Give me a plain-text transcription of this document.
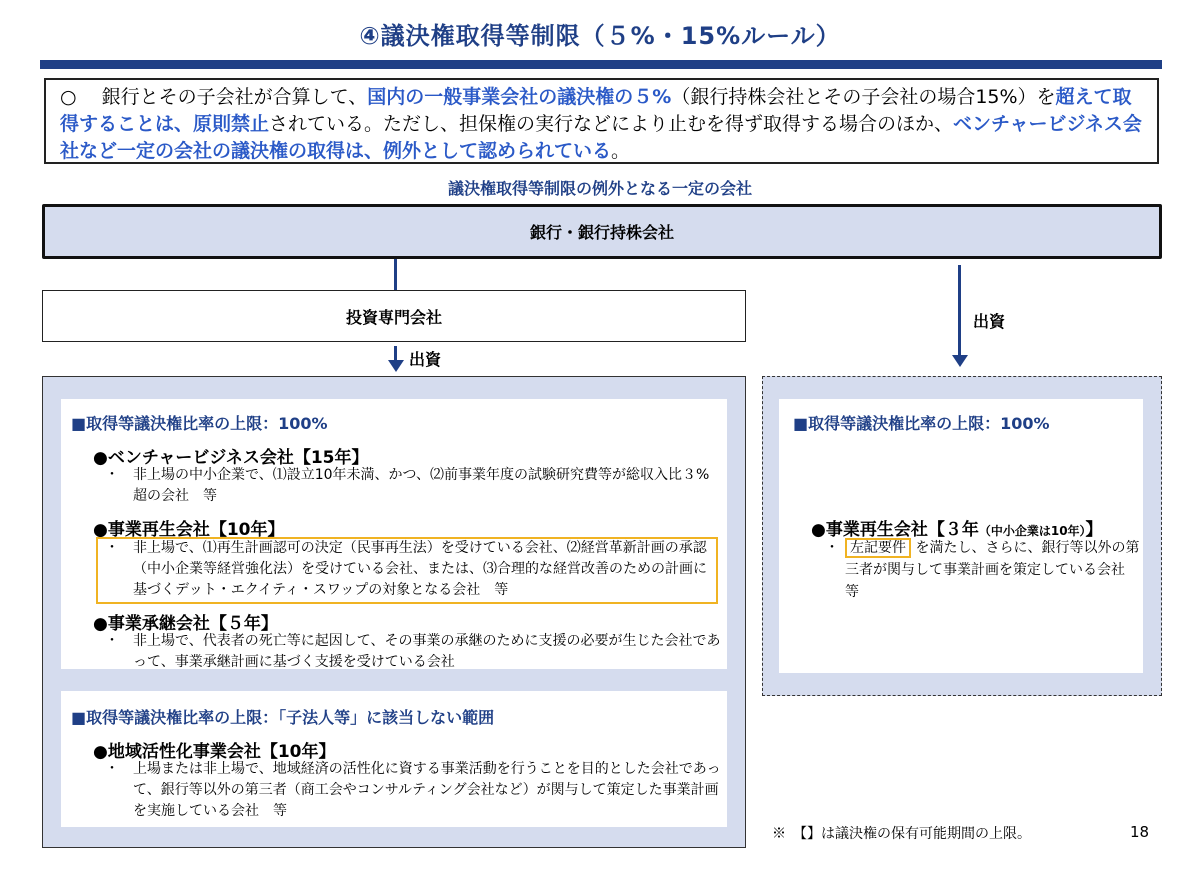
④議決権取得等制限（５%・15%ルール）
○　 銀行とその子会社が合算して、国内の一般事業会社の議決権の５%（銀行持株会社とその子会社の場合15%）を超えて取得することは、原則禁止されている。ただし、担保権の実行などにより止むを得ず取得する場合のほか、ベンチャービジネス会社など一定の会社の議決権の取得は、例外として認められている。
議決権取得等制限の例外となる一定の会社
銀行・銀行持株会社
投資専門会社	出資
出資
■取得等議決権比率の上限：100%
●ベンチャービジネス会社【15年】
・	非上場の中小企業で、⑴設立10年未満、かつ、⑵前事業年度の試験研究費等が総収入比３%超の会社　等
●事業再生会社【10年】
・	非上場で、⑴再生計画認可の決定（民事再生法）を受けている会社、⑵経営革新計画の承認（中小企業等経営強化法）を受けている会社、または、⑶合理的な経営改善のための計画に基づくデット・エクイティ・スワップの対象となる会社　等
●事業承継会社【５年】
・	非上場で、代表者の死亡等に起因して、その事業の承継のために支援の必要が生じた会社であって、事業承継計画に基づく支援を受けている会社
■取得等議決権比率の上限：「子法人等」に該当しない範囲
●地域活性化事業会社【10年】
・	上場または非上場で、地域経済の活性化に資する事業活動を行うことを目的とした会社であって、銀行等以外の第三者（商工会やコンサルティング会社など）が関与して策定した事業計画を実施している会社　等
■取得等議決権比率の上限：100%
●事業再生会社【３年（中小企業は10年）】
・ 左記要件 を満たし、さらに、銀行等以外の第三者が関与して事業計画を策定している会社　等
※　【】は議決権の保有可能期間の上限。	18
